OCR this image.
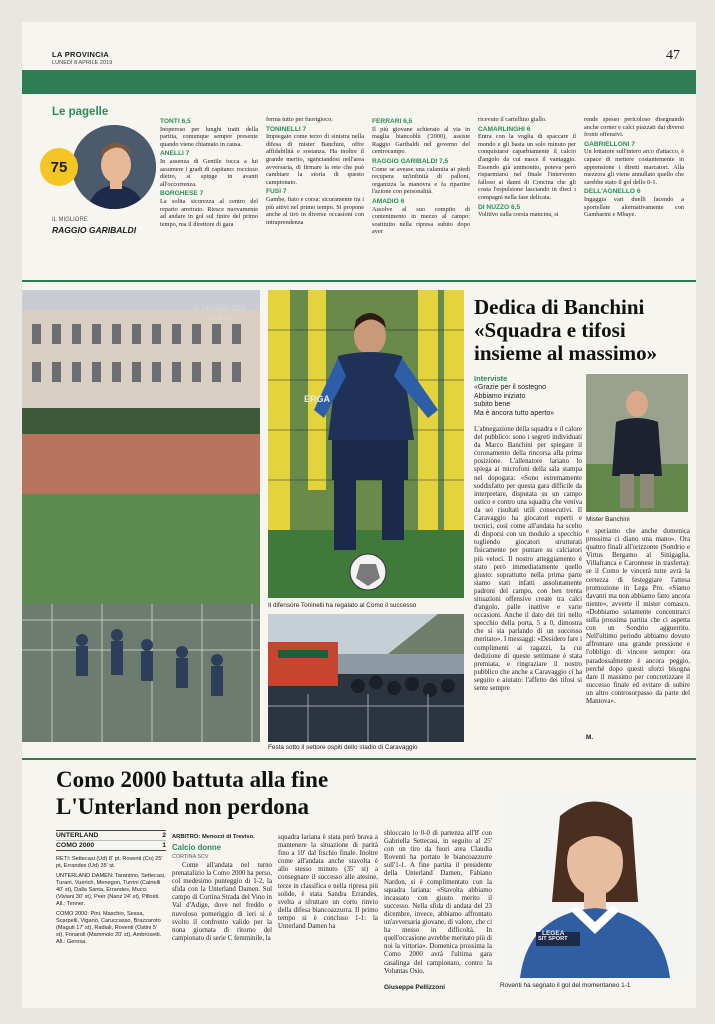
LA PROVINCIA
LUNEDÌ 8 APRILE 2019	47
Le pagelle
75
IL MIGLIORE
RAGGIO GARIBALDI
TONTI 6,5
Inoperoso per lunghi tratti della partita, comunque sempre presente quando viene chiamato in causa.
ANELLI 7
In assenza di Gentile tocca a lui assumere i gradi di capitano: roccioso dietro, si spinge in avanti all'occorrenza.
BORGHESE 7
La solita sicurezza al centro del reparto arretrato. Riesce nuovamente ad andare in gol sul finire del primo tempo, ma il direttore di gara
ferma tutto per fuorigioco.
TONINELLI 7
Impiegato come terzo di sinistra nella difesa di mister Banchini, offre affidabilità e sostanza. Ha inoltre il grande merito, sganciandosi nell'area avversaria, di firmare la rete che può cambiare la storia di questo campionato.
FUSI 7
Gambe, fiato e corsa: sicuramente tra i più attivi nel primo tempo. Si propone anche al tiro in diverse occasioni con intraprendenza
FERRARI 6,5
Il più giovane schierato al via in maglia biancoblù ('2000), assiste Raggio Garibaldi nel governo del centrocampo.
RAGGIO GARIBALDI 7,5
Come se avesse una calamita ai piedi recupera un'infinità di palloni, organizza la manovra e fa ripartire l'azione con personalità.
AMADIO 6
Assolve al suo compito di contenimento in mezzo al campo: sostituito nella ripresa subito dopo aver
ricevuto il cartellino giallo.
CAMARLINGHI 6
Entra con la voglia di spaccare il mondo e gli basta un solo minuto per conquistarsi caparbiamente il calcio d'angolo da cui nasce il vantaggio. Essendo già ammonito, poteva però risparmiarsi nel finale l'intervento falloso ai danni di Concina che gli costa l'espulsione lasciando in dieci i compagni nella fase delicata.
DI NUZZO 6,5
Volitivo sulla corsia mancina, si
rende spesso pericoloso disegnando anche corner e calci piazzati dai diversi fronti offensivi.
GABRIELLONI 7
Un lottatore sull'intero arco d'attacco, è capace di mettere costantemente in apprensione i diretti marcatori. Alla mezzora gli viene annullato quello che sarebbe stato il gol dello 0-1.
DELL'AGNELLO 6
Ingaggia vari duelli facendo a sportellate alternativamente con Gambarini e Mbaye.
IL MUSEO DEL COMO
ERGA
Il difensore Toninelli ha regalato al Como il successo
Festa sotto il settore ospiti dello stadio di Caravaggio
Dedica di Banchini
«Squadra e tifosi
insieme al massimo»
Interviste
«Grazie per il sostegno
Abbiamo iniziato
subito bene
Ma è ancora tutto aperto»
Mister Banchini
L'abnegazione della squadra e il calore del pubblico: sono i segreti individuati da Marco Banchini per spiegare il coronamento della rincorsa alla prima posizione. L'allenatore lariano lo spiega ai microfoni della sala stampa nel dopogara: «Sono estremamente soddisfatto per questa gara difficile da interpretare, disputata su un campo ostico e contro una squadra che veniva da sei risultati utili consecutivi. Il Caravaggio ha giocatori esperti e tecnici, così come all'andata ha scelto di disporsi con un modulo a specchio togliendo giocatori strutturati fisicamente per puntare su calciatori più veloci. Il nostro atteggiamento è stato però immediatamente quello giusto: soprattutto nella prima parte siamo stati infatti assolutamente padroni del campo, con ben trenta situazioni offensive create tra calci d'angolo, palle inattive e varie occasioni. Anche il dato dei tiri nello specchio della porta, 5 a 0, dimostra che si sta parlando di un successo meritato». I messaggi: «Desidero fare i complimenti ai ragazzi, la cui dedizione di queste settimane è stata premiata, e ringraziare il nostro pubblico che anche a Caravaggio ci ha seguito e aiutato: l'affetto dei tifosi si sente sempre
e speriamo che anche domenica prossima ci diano una mano». Ora quattro finali all'orizzonte (Sondrio e Virtus Bergamo al Sinigaglia, Villafranca e Caronnese in trasferta): se il Como le vincerà tutte avrà la certezza di festeggiare l'attesa promozione in Lega Pro. «Siamo davanti ma non abbiamo fatto ancora niente», avverte il mister comasco. «Dobbiamo solamente concentrarci sulla prossima partita che ci aspetta con un Sondrio agguerrito. Nell'ultimo periodo abbiamo dovuto affrontare una grande pressione e l'obbligo di vincere sempre: ora paradossalmente è ancora peggio, perché dopo questi sforzi bisogna dare il massimo per concretizzare il successo finale ed evitare di subire un altro controsorpasso da parte del Mantova».
M.
Como 2000 battuta alla fine
L'Unterland non perdona
UNTERLAND	2
COMO 2000	1
RETI: Settecasi (Ud) 8' pt, Roventi (Co) 25' pt, Errandes (Ud) 35' st.
UNTERLAND DAMEN: Tarantino, Settecasi, Turani, Vuerich, Menegon, Turrini (Cainelli 40' st), Dalla Santa, Errandes, Mucci (Viviani 30' st), Peer (Nanz 24' st), Pillosti. All.: Tenner.
COMO 2000: Pini, Maschio, Sessa, Scarpelli, Viganò, Caruccasso, Brazzaroto (Maguti 17' st), Radiali, Roventi (Ostini 5' st), Fonaroli (Mammolo 20' st), Ambrosetti. All.: Gerosa.
ARBITRO: Menozzi di Treviso.
Calcio donne
CORTINA SCV
Come all'andata nel turno prenatalizio la Como 2000 ha perso, col medesimo punteggio di 1-2, la sfida con la Unterland Damen. Sul campo di Cortina Strada del Vino in Val d'Adige, dove nel freddo e nuvoloso pomeriggio di ieri si è svolto il confronto valido per la nona giornata di ritorno del campionato di serie C femminile, la
squadra lariana è stata però brava a mantenere la situazione di parità fino a 10' dal fischio finale. Inoltre come all'andata anche stavolta è allo stesso minuto (35' st) a consegnare il successo alle atesine, terze in classifica e nella ripresa più solide, è stata Sandra Errandes, svelta a sfruttare un corto rinvio della difesa biancoazzurra. Il primo tempo si è concluso 1-1: la Unterland Damen ha
sbloccato lo 0-0 di partenza all'8' con Gabriella Settecasi, in seguito al 25' con un tiro da fuori area Claudia Roventi ha portato le biancoazzurre sull'1-1. A fine partita il presidente della Unterland Damen, Fabiano Nardon, si è complimentato con la squadra lariana: «Stavolta abbiamo incassato con giusto merito il successo. Nella sfida di andata del 23 dicembre, invece, abbiamo affrontato un'avversaria giovane, di valore, che ci ha messo in difficoltà. In quell'occasione avrebbe meritato più di noi la vittoria». Domenica prossima la Como 2000 avrà l'ultima gara casalinga del campionato, contro la Voluntas Osio.
Giuseppe Pellizzoni
LEGEA
SIT SPORT
Roventi ha segnato il gol del momentaneo 1-1
